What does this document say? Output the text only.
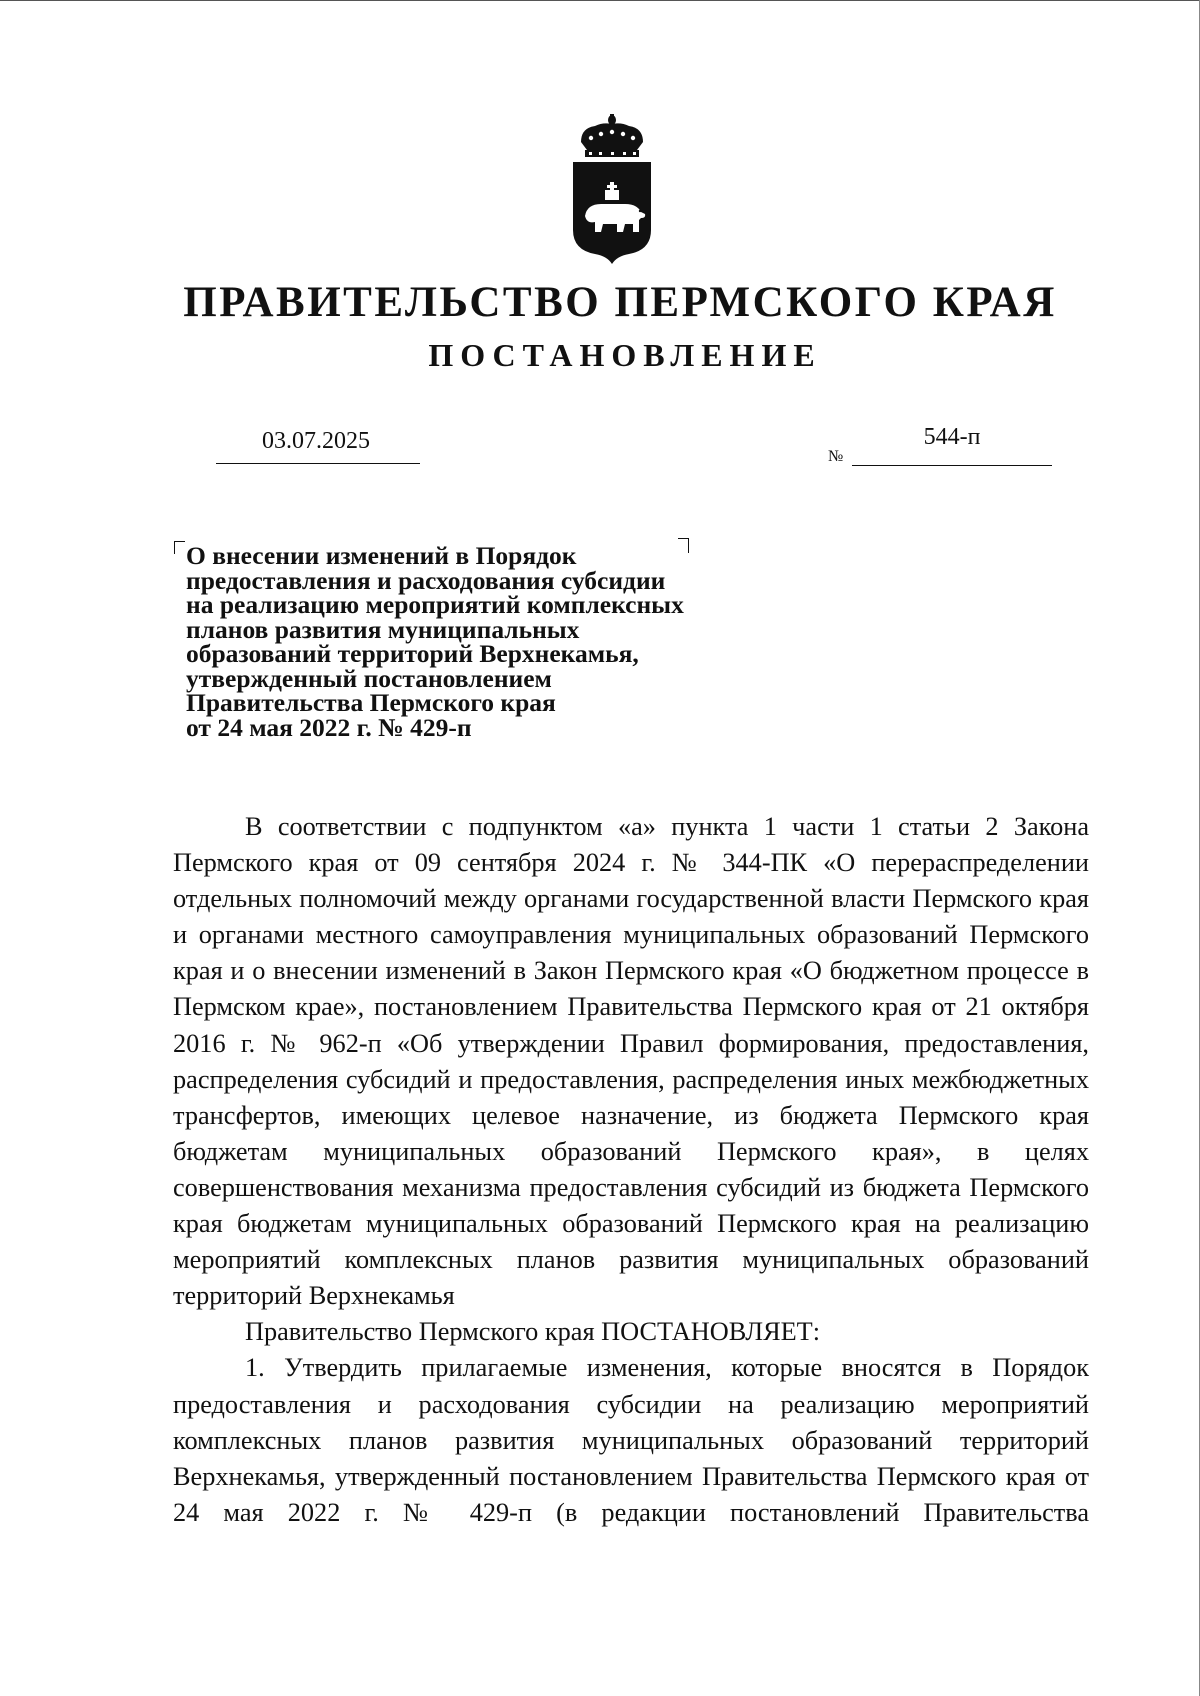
ПРАВИТЕЛЬСТВО ПЕРМСКОГО КРАЯ
ПОСТАНОВЛЕНИЕ
03.07.2025
№
544-п
О внесении изменений в Порядок
предоставления и расходования субсидии
на реализацию мероприятий комплексных
планов развития муниципальных
образований территорий Верхнекамья,
утвержденный постановлением
Правительства Пермского края
от 24 мая 2022 г. № 429-п

В соответствии с подпунктом «а» пункта 1 части 1 статьи 2 Закона Пермского края от 09 сентября 2024 г. № 344-ПК «О перераспределении отдельных полномочий между органами государственной власти Пермского края и органами местного самоуправления муниципальных образований Пермского края и о внесении изменений в Закон Пермского края «О бюджетном процессе в Пермском крае», постановлением Правительства Пермского края от 21 октября 2016 г. № 962-п «Об утверждении Правил формирования, предоставления, распределения субсидий и предоставления, распределения иных межбюджетных трансфертов, имеющих целевое назначение, из бюджета Пермского края бюджетам муниципальных образований Пермского края», в целях совершенствования механизма предоставления субсидий из бюджета Пермского края бюджетам муниципальных образований Пермского края на реализацию мероприятий комплексных планов развития муниципальных образований территорий Верхнекамья

Правительство Пермского края ПОСТАНОВЛЯЕТ:

1. Утвердить прилагаемые изменения, которые вносятся в Порядок предоставления и расходования субсидии на реализацию мероприятий комплексных планов развития муниципальных образований территорий Верхнекамья, утвержденный постановлением Правительства Пермского края от 24 мая 2022 г. № 429-п (в редакции постановлений Правительства
